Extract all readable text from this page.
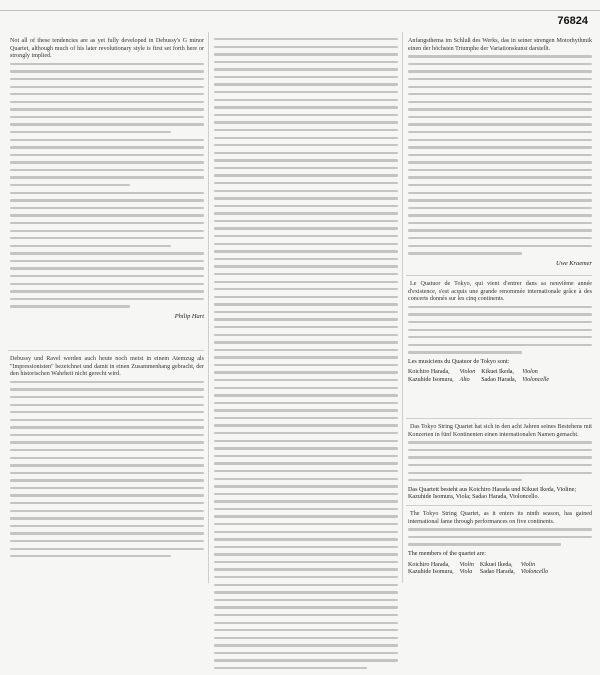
76824

Not all of these tendencies are as yet fully developed in Debussy's G minor Quartet, although much of his later revolutionary style is first set forth here or strongly implied.

Philip Hart

Debussy und Ravel werden auch heute noch meist in einem Atemzug als "Impressionisten" bezeichnet und damit in einen Zusammenhang gebracht, der den historischen Wahrheit nicht gerecht wird.

Anfangsthema im Schluß des Werks, das in seiner strengen Motorhythmik einen der höchsten Triumphe der Variationskunst darstellt.

Uwe Kraemer

Le Quatuor de Tokyo, qui vient d'entrer dans sa neuvième année d'existence, s'est acquis une grande renommée internationale grâce à des concerts donnés sur les cinq continents.

Les musiciens du Quatuor de Tokyo sont:
Koichiro Harada,	Violon	Kikuei Ikeda,	Violon
Kazuhide Isomura,	Alto	Sadao Harada,	Violoncelle

Das Tokyo String Quartet hat sich in den acht Jahren seines Bestehens mit Konzerten in fünf Kontinenten einen internationalen Namen gemacht.

Das Quartett besteht aus Koichiro Harada und Kikuei Ikeda, Violine; Kazuhide Isomura, Viola; Sadao Harada, Violoncello.

The Tokyo String Quartet, as it enters its ninth season, has gained international fame through performances on five continents.

The members of the quartet are:
Koichiro Harada,	Violin	Kikuei Ikeda,	Violin
Kazuhide Isomura,	Viola	Sadao Harada,	Violoncello
